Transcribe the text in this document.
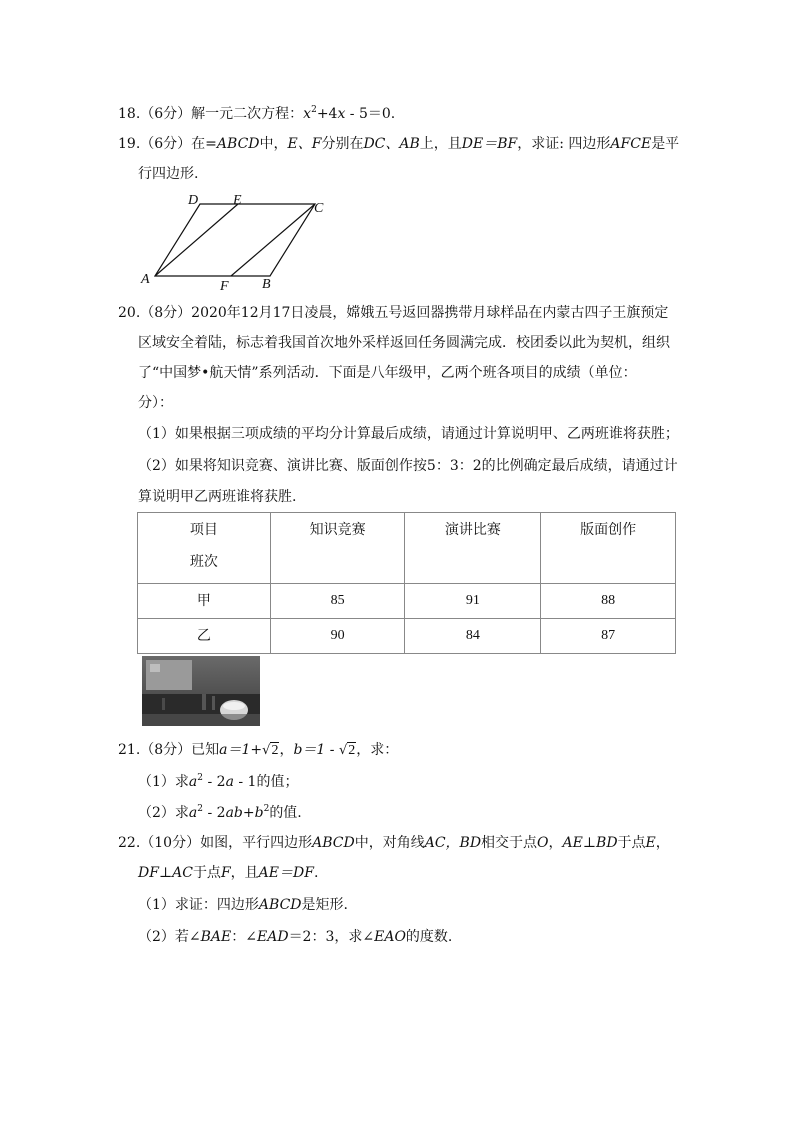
18.（6分）解一元二次方程：$x^2+4x - 5=0$.
19.（6分）在=ABCD中，E、F分别在DC、AB上，且DE＝BF，求证: 四边形AFCE是平
行四边形.
D E
C
A	F B
20.（8分）2020年12月17日凌晨，嫦娥五号返回器携带月球样品在内蒙古四子王旗预定
区域安全着陆，标志着我国首次地外采样返回任务圆满完成．校团委以此为契机，组织
了“中国梦•航天情”系列活动．下面是八年级甲，乙两个班各项目的成绩（单位：
分）：
（1）如果根据三项成绩的平均分计算最后成绩，请通过计算说明甲、乙两班谁将获胜；
（2）如果将知识竞赛、演讲比赛、版面创作按5：3：2的比例确定最后成绩，请通过计
算说明甲乙两班谁将获胜.
项目
班次	知识竞赛	演讲比赛	版面创作
甲	85	91	88
乙	90	84	87
21.（8分）已知a＝1+√2，b＝1 - √2，求：
（1）求$a^2 - 2a - 1$的值；
（2）求$a^2 - 2ab+b^2$的值.
22.（10分）如图，平行四边形ABCD中，对角线AC，BD相交于点O，AE⊥BD于点E，
DF⊥AC于点F，且AE＝DF.
（1）求证：四边形ABCD是矩形.
（2）若∠BAE：∠EAD＝2：3，求∠EAO的度数.
